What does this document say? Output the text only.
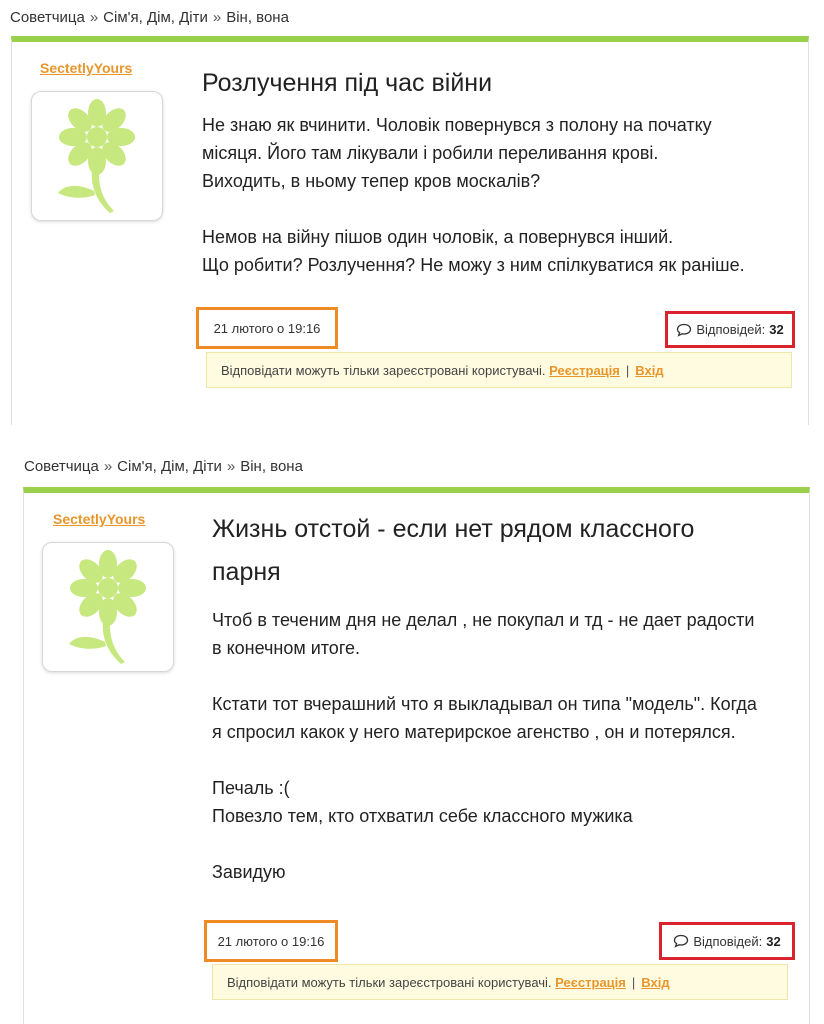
Советчица » Сім'я, Дім, Діти » Він, вона
SectetlyYours
Розлучення під час війни
Не знаю як вчинити. Чоловік повернувся з полону на початку
місяця. Його там лікували і робили переливання крові.
Виходить, в ньому тепер кров москалів?

Немов на війну пішов один чоловік, а повернувся інший.
Що робити? Розлучення? Не можу з ним спілкуватися як раніше.
21 лютого о 19:16	Відповідей: 32
Відповідати можуть тільки зареєстровані користувачі.
Реєстрація | Вхід
Советчица » Сім'я, Дім, Діти » Він, вона
SectetlyYours	Жизнь отстой - если нет рядом классного
парня
Чтоб в теченим дня не делал , не покупал и тд - не дает радости
в конечном итоге.

Кстати тот вчерашний что я выкладывал он типа "модель". Когда
я спросил какок у него материрское агенство , он и потерялся.

Печаль :(
Повезло тем, кто отхватил себе классного мужика

Завидую
21 лютого о 19:16	Відповідей: 32
Відповідати можуть тільки зареєстровані користувачі.
Реєстрація | Вхід
